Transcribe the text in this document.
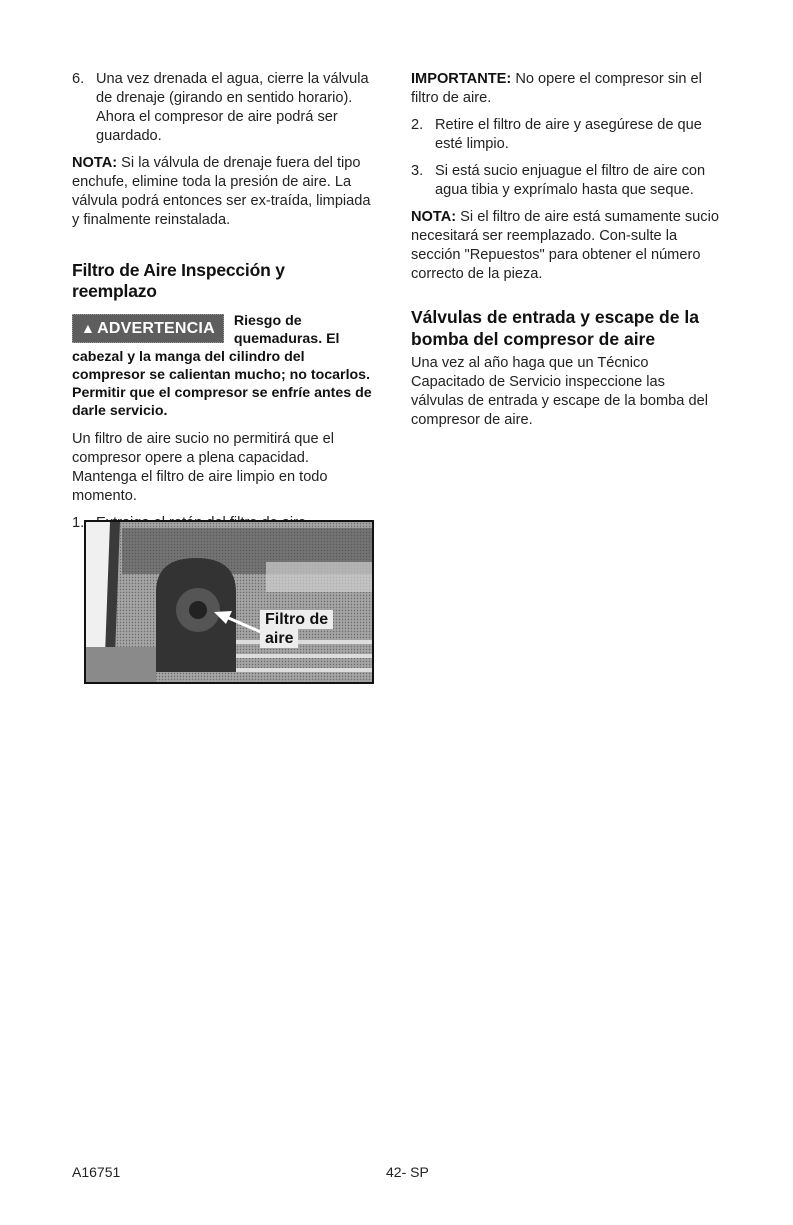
6. Una vez drenada el agua, cierre la válvula de drenaje (girando en sentido horario). Ahora el compresor de aire podrá ser guardado.

NOTA: Si la válvula de drenaje fuera del tipo enchufe, elimine toda la presión de aire. La válvula podrá entonces ser ex-traída, limpiada y finalmente reinstalada.

Filtro de Aire Inspección y reemplazo
▲ ADVERTENCIA	Riesgo de quemaduras. El cabezal y la manga del cilindro del compresor se calientan mucho; no tocarlos. Permitir que el compresor se enfríe antes de darle servicio.

Un filtro de aire sucio no permitirá que el compresor opere a plena capacidad. Mantenga el filtro de aire limpio en todo momento.

1.
Filtro de
aire

IMPORTANTE: No opere el compresor sin el filtro de aire.

2. Retire el filtro de aire y asegúrese de que esté limpio.
3. Si está sucio enjuague el filtro de aire con agua tibia y exprímalo hasta que seque.

NOTA: Si el filtro de aire está sumamente sucio necesitará ser reemplazado. Con-sulte la sección "Repuestos" para obtener el número correcto de la pieza.

Válvulas de entrada y escape de la bomba del compresor de aire

Una vez al año haga que un Técnico Capacitado de Servicio inspeccione las válvulas de entrada y escape de la bomba del compresor de aire.

A16751	42- SP
